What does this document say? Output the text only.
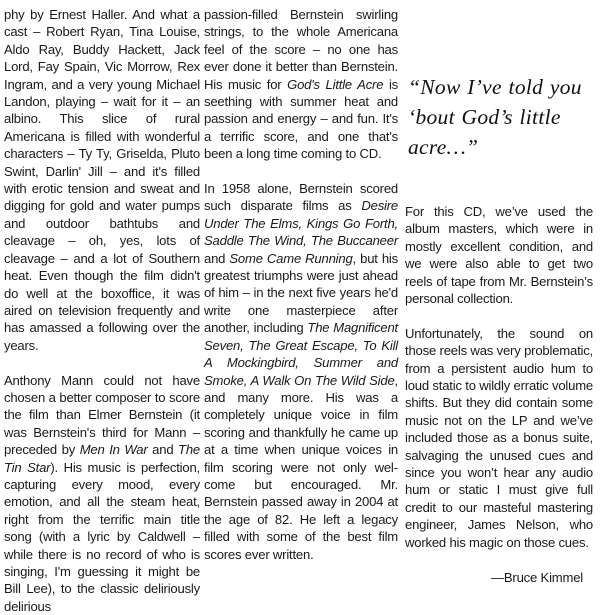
phy by Ernest Haller. And what a cast – Robert Ryan, Tina Louise, Aldo Ray, Buddy Hackett, Jack Lord, Fay Spain, Vic Morrow, Rex Ingram, and a very young Michael Landon, playing – wait for it – an albino. This slice of rural Americana is filled with wonderful characters – Ty Ty, Griselda, Pluto Swint, Darlin' Jill – and it's filled with erotic tension and sweat and digging for gold and water pumps and outdoor bathtubs and cleavage – oh, yes, lots of cleavage – and a lot of Southern heat. Even though the film didn't do well at the boxoffice, it was aired on television frequently and has amassed a following over the years.

Anthony Mann could not have chosen a better composer to score the film than Elmer Bernstein (it was Bernstein's third for Mann – preceded by Men In War and The Tin Star). His music is perfection, capturing every mood, every emotion, and all the steam heat, right from the terrific main title song (with a lyric by Caldwell – while there is no record of who is singing, I'm guessing it might be Bill Lee), to the classic deliriously delirious

passion-filled Bernstein swirling strings, to the whole Americana feel of the score – no one has ever done it better than Bernstein. His music for God's Little Acre is seething with summer heat and passion and energy – and fun. It's a terrific score, and one that's been a long time coming to CD.

In 1958 alone, Bernstein scored such disparate films as Desire Under The Elms, Kings Go Forth, Saddle The Wind, The Buccaneer and Some Came Running, but his greatest triumphs were just ahead of him – in the next five years he'd write one masterpiece after another, including The Magnificent Seven, The Great Escape, To Kill A Mockingbird, Summer and Smoke, A Walk On The Wild Side, and many more. His was a completely unique voice in film scoring and thankfully he came up at a time when unique voices in film scoring were not only welcome but encouraged. Mr. Bernstein passed away in 2004 at the age of 82. He left a legacy filled with some of the best film scores ever written.

“Now I’ve told you ‘bout God’s little acre…”

For this CD, we’ve used the album masters, which were in mostly excellent condition, and we were also able to get two reels of tape from Mr. Bernstein’s personal collection.

Unfortunately, the sound on those reels was very problematic, from a persistent audio hum to loud static to wildly erratic volume shifts. But they did contain some music not on the LP and we’ve included those as a bonus suite, salvaging the unused cues and since you won’t hear any audio hum or static I must give full credit to our masteful mastering engineer, James Nelson, who worked his magic on those cues.

—Bruce Kimmel
